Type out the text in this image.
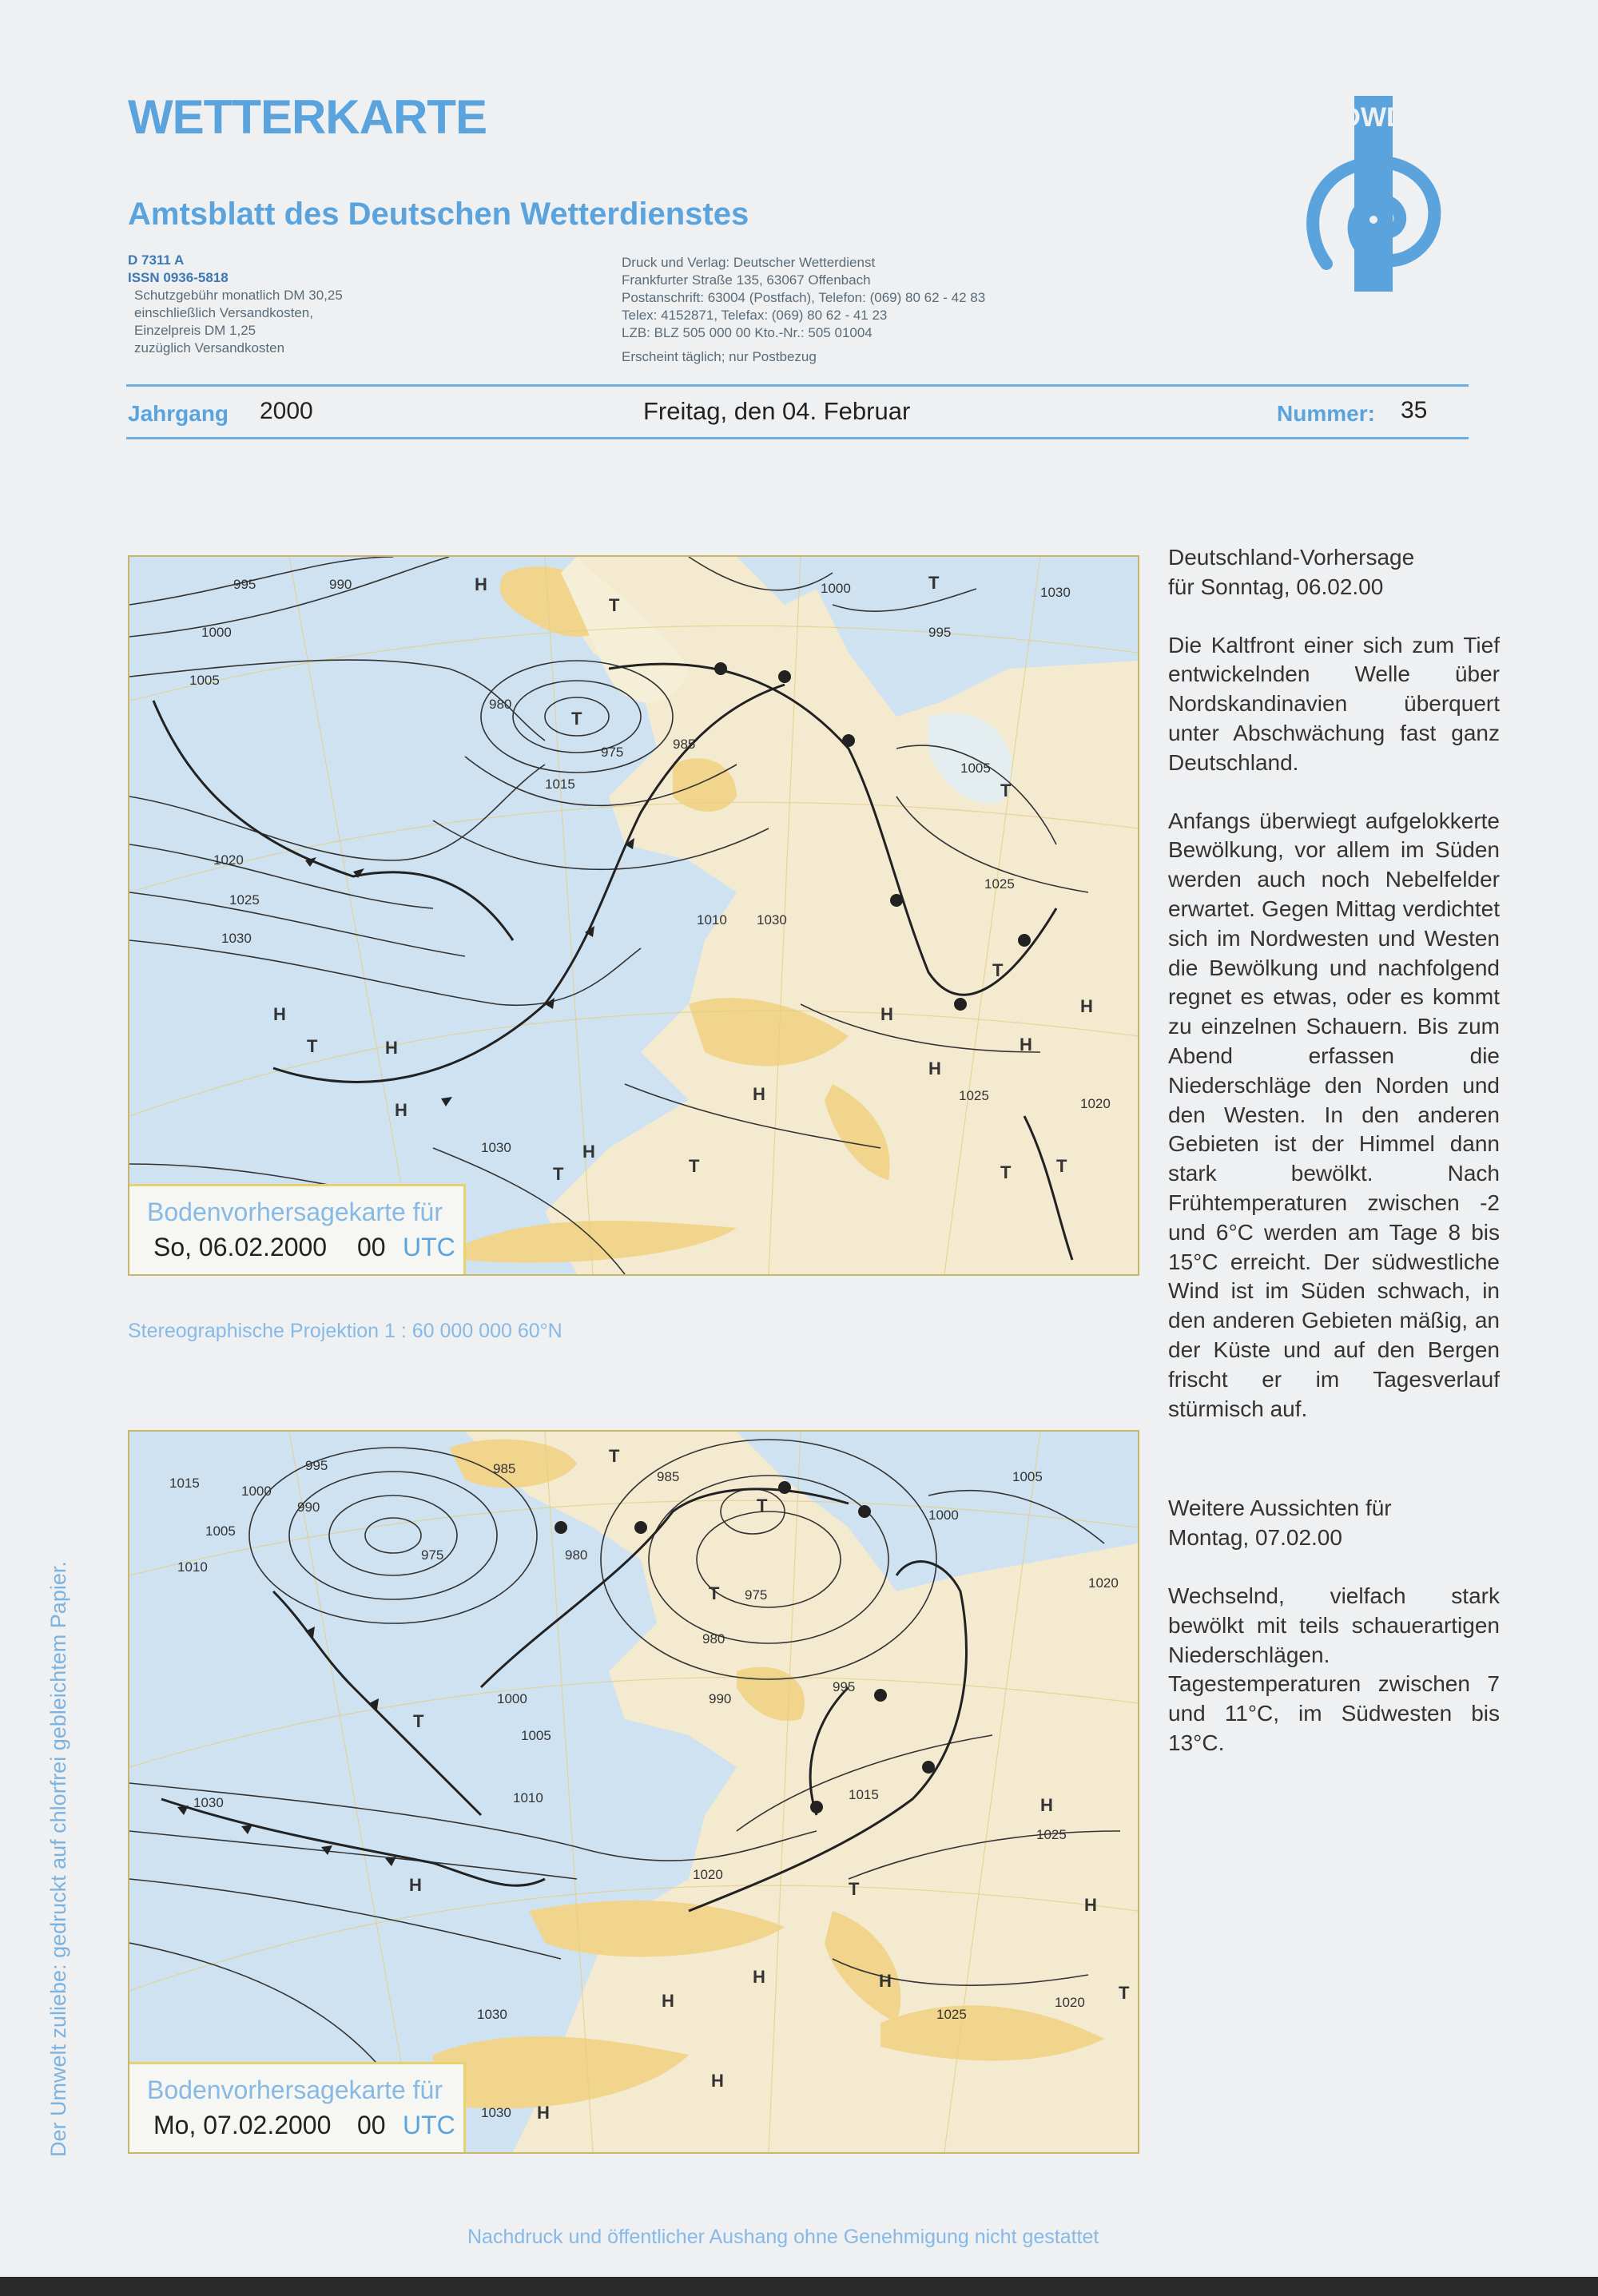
WETTERKARTE
Amtsblatt des Deutschen Wetterdienstes
D 7311 A
ISSN 0936-5818
Schutzgebühr monatlich DM 30,25
einschließlich Versandkosten,
Einzelpreis DM 1,25
zuzüglich Versandkosten
Druck und Verlag: Deutscher Wetterdienst
Frankfurter Straße 135, 63067 Offenbach
Postanschrift: 63004 (Postfach), Telefon: (069) 80 62 - 42 83
Telex: 4152871, Telefax: (069) 80 62 - 41 23
LZB: BLZ 505 000 00 Kto.-Nr.: 505 01004
Erscheint täglich; nur Postbezug
DWD
Jahrgang 2000	Freitag, den 04. Februar	Nummer: 35
995	990
1000
1005
1020
1025
1030
980
975
985
1015
1010
1000
995
1005
1025
1030
1030
1025
1020
1030
H
T
T
T
T
H
T	H
H
H
H
T	T
H
H
H
T	T
H
T
Bodenvorhersagekarte für
So, 06.02.2000 00 UTC
Stereographische Projektion 1 : 60 000 000 60°N
995	985
1015
1000
990
1005
1010
975	980
985
975
1005
1000
1020
980
990
995
1000
1005
1010
1020
1015
1025
1030	1025
1030
1020
1030
T
T
T
T
T
H
H
H
H
H
H
H
H
T
Bodenvorhersagekarte für
Mo, 07.02.2000 00 UTC

Deutschland-Vorhersage
für Sonntag, 06.02.00

Die Kaltfront einer sich zum Tief entwickelnden Welle über Nordskandinavien überquert unter Abschwächung fast ganz Deutschland.

Anfangs überwiegt aufgelokkerte Bewölkung, vor allem im Süden werden auch noch Nebelfelder erwartet. Gegen Mittag verdichtet sich im Nordwesten und Westen die Bewölkung und nachfolgend regnet es etwas, oder es kommt zu einzelnen Schauern. Bis zum Abend erfassen die Niederschläge den Norden und den Westen. In den anderen Gebieten ist der Himmel dann stark bewölkt. Nach Frühtemperaturen zwischen -2 und 6°C werden am Tage 8 bis 15°C erreicht. Der südwestliche Wind ist im Süden schwach, in den anderen Gebieten mäßig, an der Küste und auf den Bergen frischt er im Tagesverlauf stürmisch auf.

Weitere Aussichten für
Montag, 07.02.00

Wechselnd, vielfach stark bewölkt mit teils schauerartigen Niederschlägen. Tagestemperaturen zwischen 7 und 11°C, im Südwesten bis 13°C.

Der Umwelt zuliebe: gedruckt auf chlorfrei gebleichtem Papier.
Nachdruck und öffentlicher Aushang ohne Genehmigung nicht gestattet
